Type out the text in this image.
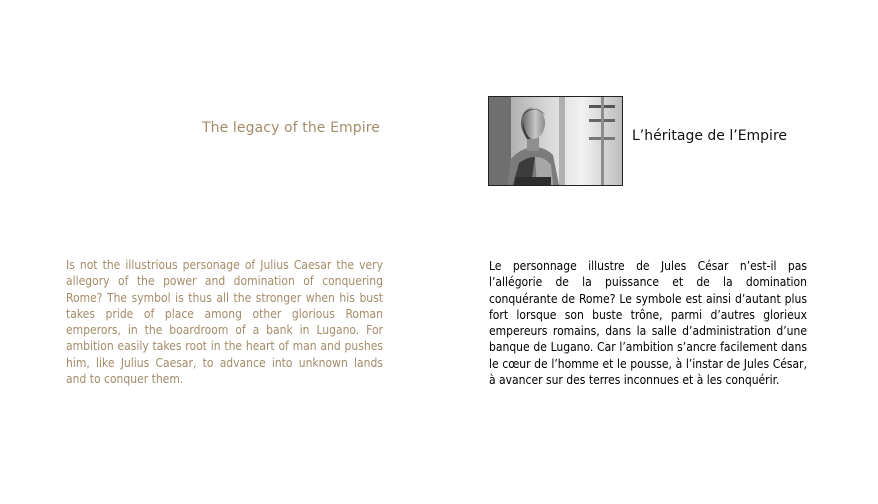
The legacy of the Empire
Is not the illustrious personage of Julius Caesar the very allegory of the power and domination of conquering Rome? The symbol is thus all the stronger when his bust takes pride of place among other glorious Roman emperors, in the boardroom of a bank in Lugano. For ambition easily takes root in the heart of man and pushes him, like Julius Caesar, to advance into unknown lands and to conquer them.
L’héritage de l’Empire
Le personnage illustre de Jules César n’est-il pas l’allégorie de la puissance et de la domination conquérante de Rome? Le symbole est ainsi d’autant plus fort lorsque son buste trône, parmi d’autres glorieux empereurs romains, dans la salle d’administration d’une banque de Lugano. Car l’ambition s’ancre facilement dans le cœur de l’homme et le pousse, à l’instar de Jules César, à avancer sur des terres inconnues et à les conquérir.
